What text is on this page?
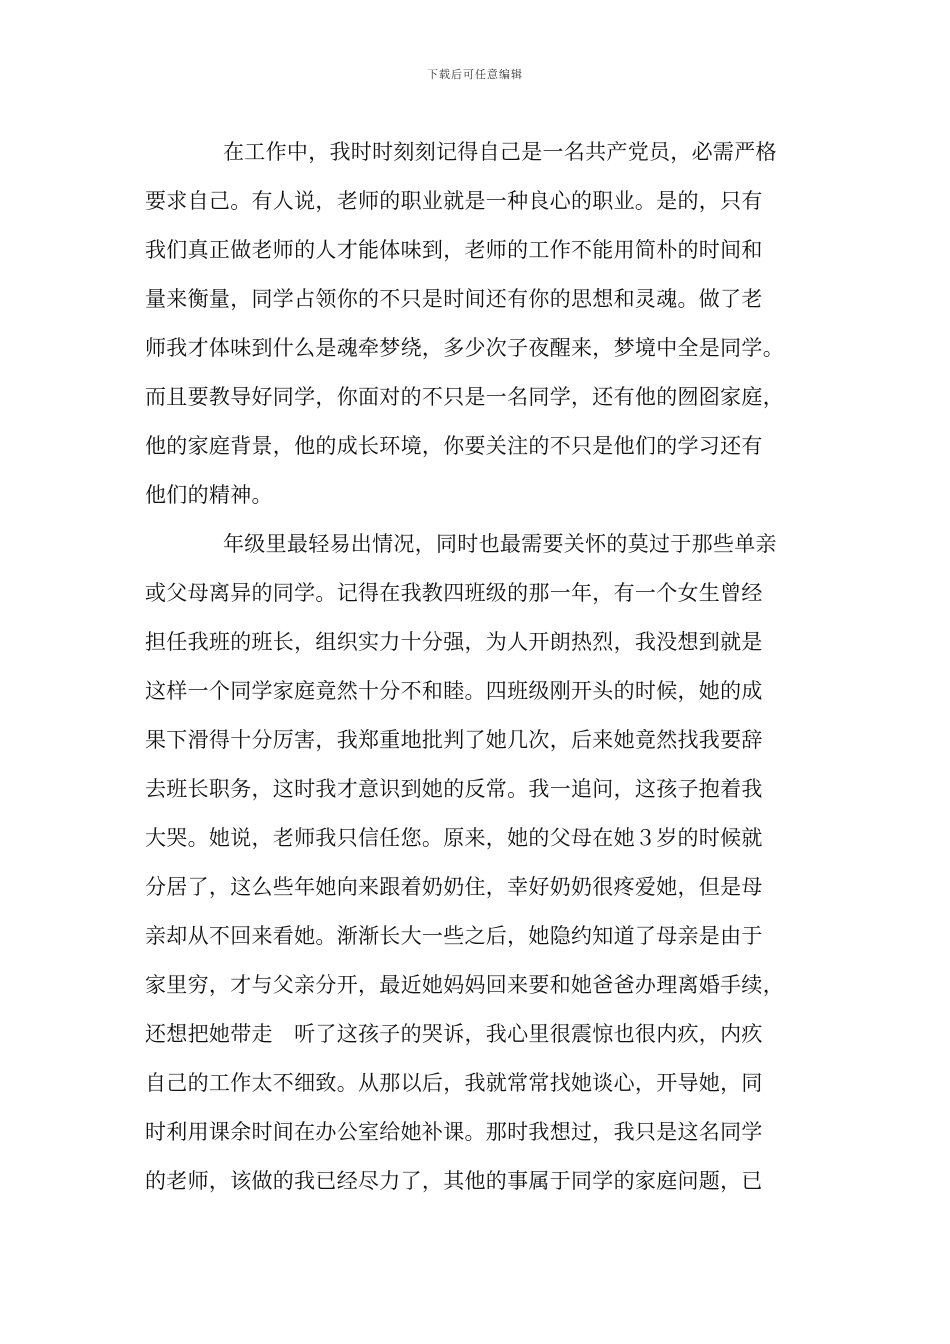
下载后可任意编辑
在工作中，我时时刻刻记得自己是一名共产党员，必需严格
要求自己。有人说，老师的职业就是一种良心的职业。是的，只有
我们真正做老师的人才能体味到，老师的工作不能用简朴的时间和
量来衡量，同学占领你的不只是时间还有你的思想和灵魂。做了老
师我才体味到什么是魂牵梦绕，多少次子夜醒来，梦境中全是同学。
而且要教导好同学，你面对的不只是一名同学，还有他的囫囵家庭，
他的家庭背景，他的成长环境，你要关注的不只是他们的学习还有
他们的精神。
年级里最轻易出情况，同时也最需要关怀的莫过于那些单亲
或父母离异的同学。记得在我教四班级的那一年，有一个女生曾经
担任我班的班长，组织实力十分强，为人开朗热烈，我没想到就是
这样一个同学家庭竟然十分不和睦。四班级刚开头的时候，她的成
果下滑得十分厉害，我郑重地批判了她几次，后来她竟然找我要辞
去班长职务，这时我才意识到她的反常。我一追问，这孩子抱着我
大哭。她说，老师我只信任您。原来，她的父母在她３岁的时候就
分居了，这么些年她向来跟着奶奶住，幸好奶奶很疼爱她，但是母
亲却从不回来看她。渐渐长大一些之后，她隐约知道了母亲是由于
家里穷，才与父亲分开，最近她妈妈回来要和她爸爸办理离婚手续，
还想把她带走　听了这孩子的哭诉，我心里很震惊也很内疚，内疚
自己的工作太不细致。从那以后，我就常常找她谈心，开导她，同
时利用课余时间在办公室给她补课。那时我想过，我只是这名同学
的老师，该做的我已经尽力了，其他的事属于同学的家庭问题，已
